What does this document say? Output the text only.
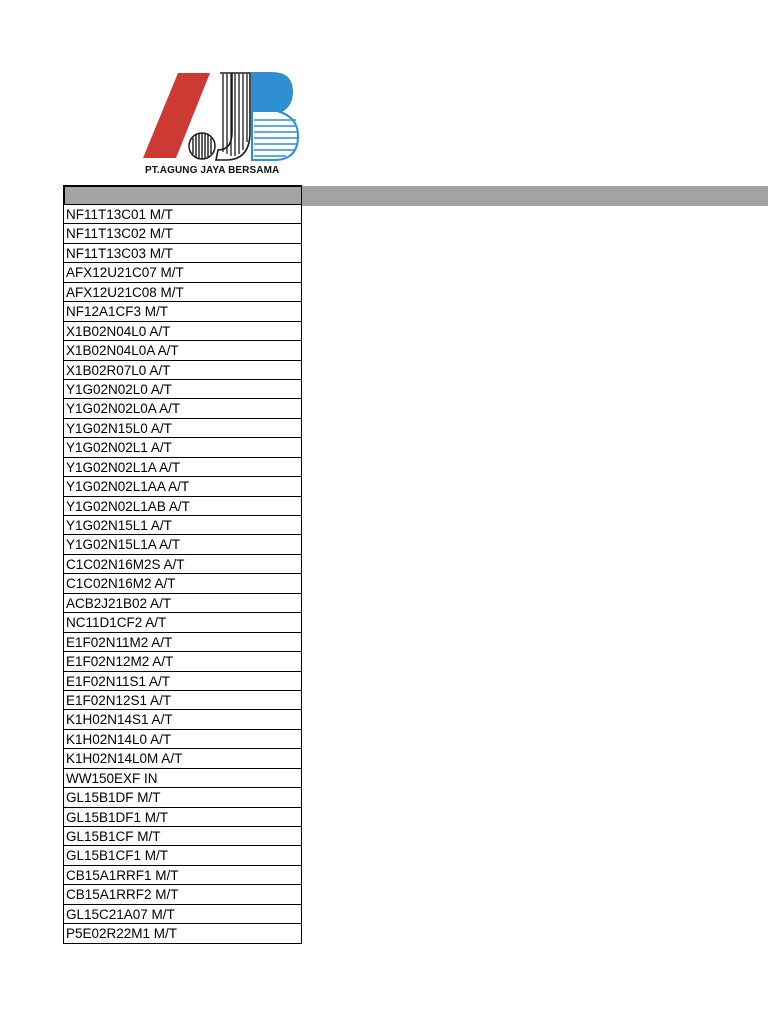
PT.AGUNG JAYA BERSAMA
NF11T13C01 M/T
NF11T13C02 M/T
NF11T13C03 M/T
AFX12U21C07 M/T
AFX12U21C08 M/T
NF12A1CF3 M/T
X1B02N04L0 A/T
X1B02N04L0A A/T
X1B02R07L0 A/T
Y1G02N02L0 A/T
Y1G02N02L0A A/T
Y1G02N15L0 A/T
Y1G02N02L1 A/T
Y1G02N02L1A A/T
Y1G02N02L1AA A/T
Y1G02N02L1AB A/T
Y1G02N15L1 A/T
Y1G02N15L1A A/T
C1C02N16M2S A/T
C1C02N16M2 A/T
ACB2J21B02 A/T
NC11D1CF2 A/T
E1F02N11M2 A/T
E1F02N12M2 A/T
E1F02N11S1 A/T
E1F02N12S1 A/T
K1H02N14S1 A/T
K1H02N14L0 A/T
K1H02N14L0M A/T
WW150EXF IN
GL15B1DF M/T
GL15B1DF1 M/T
GL15B1CF M/T
GL15B1CF1 M/T
CB15A1RRF1 M/T
CB15A1RRF2 M/T
GL15C21A07 M/T
P5E02R22M1 M/T
